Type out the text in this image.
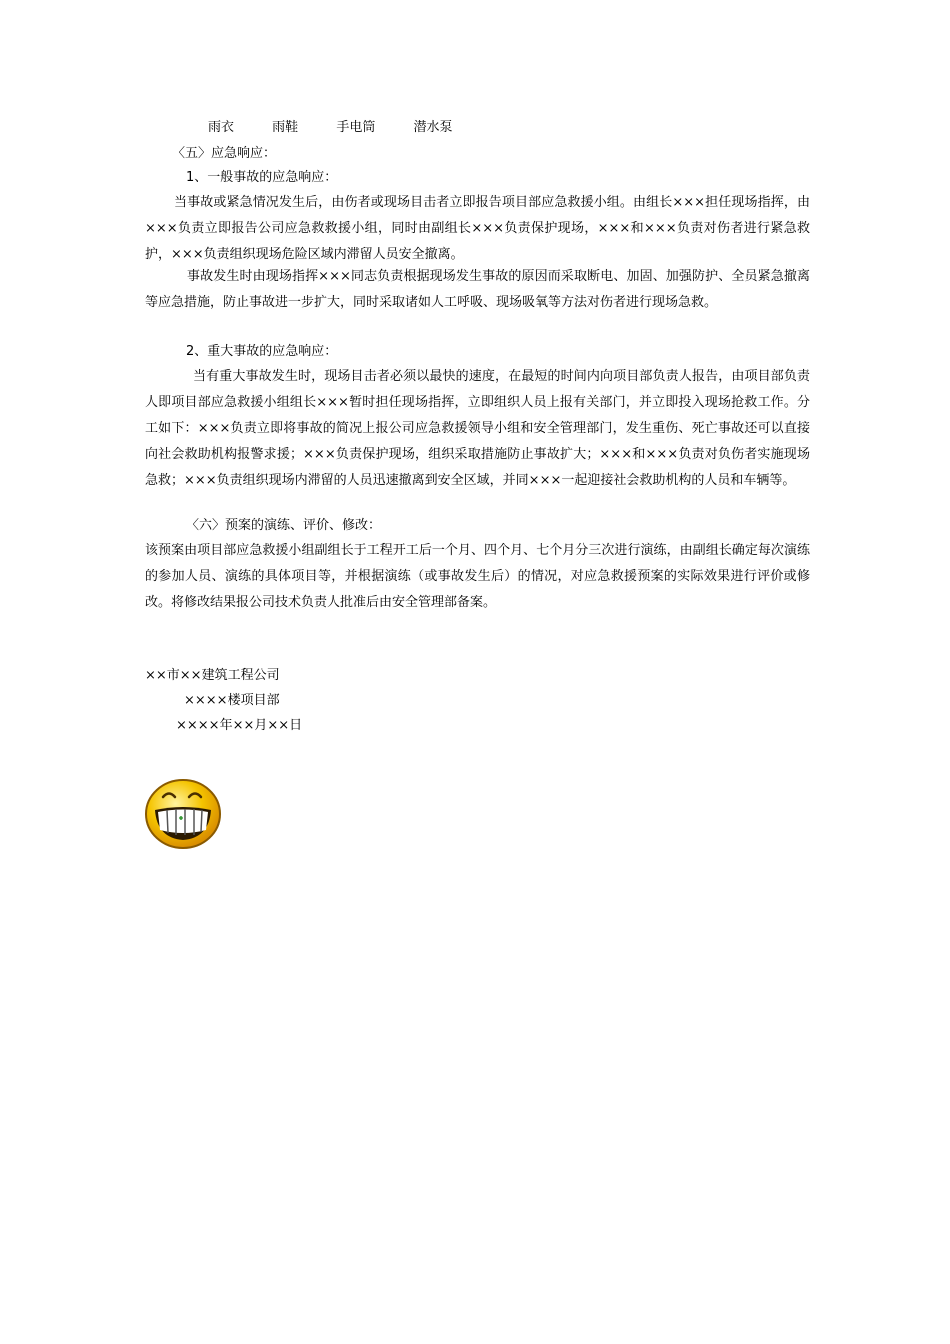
雨衣	雨鞋	手电筒	潜水泵
〈五〉应急响应：
1、一般事故的应急响应：
当事故或紧急情况发生后，由伤者或现场目击者立即报告项目部应急救援小组。由组长×××担任现场指挥，由×××负责立即报告公司应急救救援小组，同时由副组长×××负责保护现场，×××和×××负责对伤者进行紧急救护，×××负责组织现场危险区域内滞留人员安全撤离。
事故发生时由现场指挥×××同志负责根据现场发生事故的原因而采取断电、加固、加强防护、全员紧急撤离等应急措施，防止事故进一步扩大，同时采取诸如人工呼吸、现场吸氧等方法对伤者进行现场急救。
2、重大事故的应急响应：
当有重大事故发生时，现场目击者必须以最快的速度，在最短的时间内向项目部负责人报告，由项目部负责人即项目部应急救援小组组长×××暂时担任现场指挥，立即组织人员上报有关部门，并立即投入现场抢救工作。分工如下：×××负责立即将事故的简况上报公司应急救援领导小组和安全管理部门，发生重伤、死亡事故还可以直接向社会救助机构报警求援；×××负责保护现场，组织采取措施防止事故扩大；×××和×××负责对负伤者实施现场急救；×××负责组织现场内滞留的人员迅速撤离到安全区域，并同×××一起迎接社会救助机构的人员和车辆等。
〈六〉预案的演练、评价、修改：
该预案由项目部应急救援小组副组长于工程开工后一个月、四个月、七个月分三次进行演练，由副组长确定每次演练的参加人员、演练的具体项目等，并根据演练（或事故发生后）的情况，对应急救援预案的实际效果进行评价或修改。将修改结果报公司技术负责人批准后由安全管理部备案。
××市××建筑工程公司
××××楼项目部
××××年××月××日
